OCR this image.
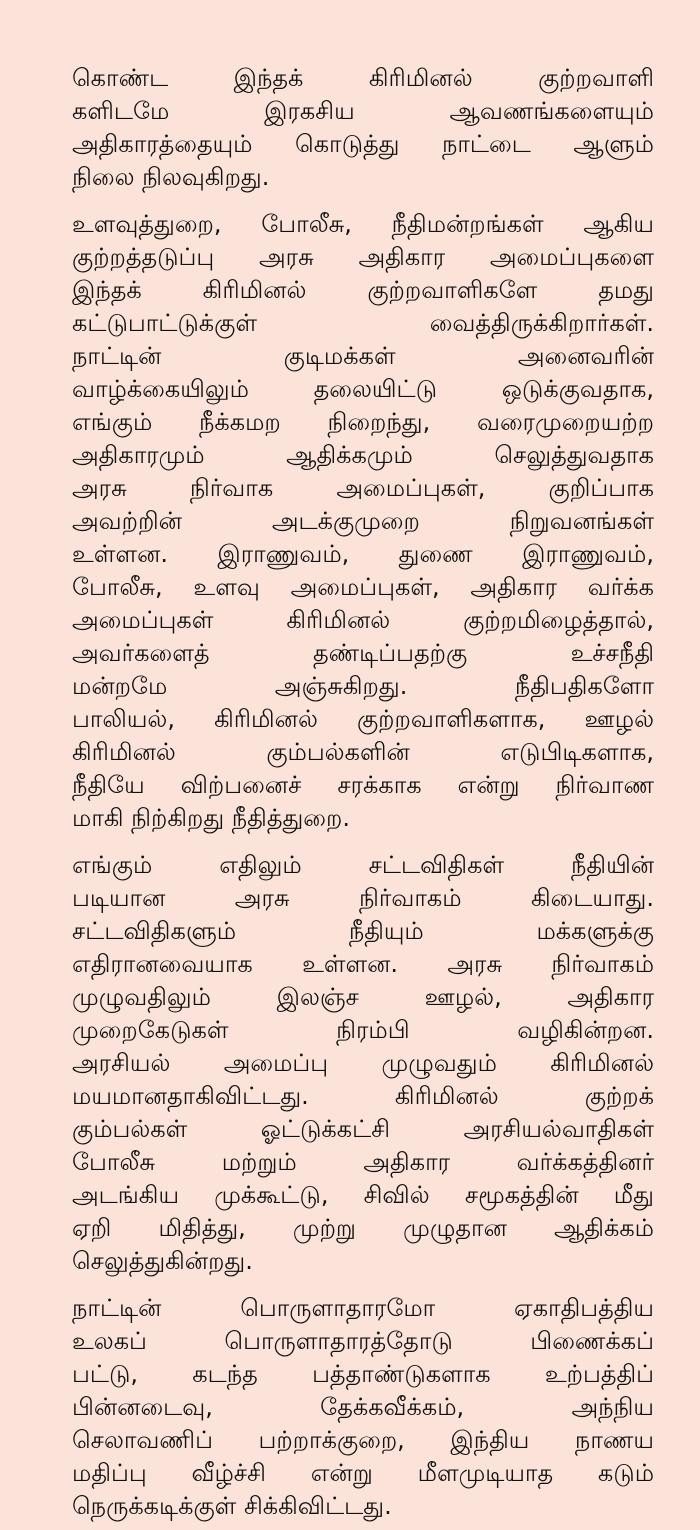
கொண்ட இந்தக் கிரிமினல் குற்றவாளி
களிடமே இரகசிய ஆவணங்களையும்
அதிகாரத்தையும் கொடுத்து நாட்டை ஆளும்
நிலை நிலவுகிறது.
உளவுத்துறை, போலீசு, நீதிமன்றங்கள் ஆகிய
குற்றத்தடுப்பு அரசு அதிகார அமைப்புகளை
இந்தக் கிரிமினல் குற்றவாளிகளே தமது
கட்டுபாட்டுக்குள் வைத்திருக்கிறார்கள்.
நாட்டின் குடிமக்கள் அனைவரின்
வாழ்க்கையிலும் தலையிட்டு ஒடுக்குவதாக,
எங்கும் நீக்கமற நிறைந்து, வரைமுறையற்ற
அதிகாரமும் ஆதிக்கமும் செலுத்துவதாக
அரசு நிர்வாக அமைப்புகள், குறிப்பாக
அவற்றின் அடக்குமுறை நிறுவனங்கள்
உள்ளன. இராணுவம், துணை இராணுவம்,
போலீசு, உளவு அமைப்புகள், அதிகார வர்க்க
அமைப்புகள் கிரிமினல் குற்றமிழைத்தால்,
அவர்களைத் தண்டிப்பதற்கு உச்சநீதி
மன்றமே அஞ்சுகிறது. நீதிபதிகளோ
பாலியல், கிரிமினல் குற்றவாளிகளாக, ஊழல்
கிரிமினல் கும்பல்களின் எடுபிடிகளாக,
நீதியே விற்பனைச் சரக்காக என்று நிர்வாண
மாகி நிற்கிறது நீதித்துறை.
எங்கும் எதிலும் சட்டவிதிகள் நீதியின்
படியான அரசு நிர்வாகம் கிடையாது.
சட்டவிதிகளும் நீதியும் மக்களுக்கு
எதிரானவையாக உள்ளன. அரசு நிர்வாகம்
முழுவதிலும் இலஞ்ச ஊழல், அதிகார
முறைகேடுகள் நிரம்பி வழிகின்றன.
அரசியல் அமைப்பு முழுவதும் கிரிமினல்
மயமானதாகிவிட்டது. கிரிமினல் குற்றக்
கும்பல்கள் ஓட்டுக்கட்சி அரசியல்வாதிகள்
போலீசு மற்றும் அதிகார வர்க்கத்தினர்
அடங்கிய முக்கூட்டு, சிவில் சமூகத்தின் மீது
ஏறி மிதித்து, முற்று முழுதான ஆதிக்கம்
செலுத்துகின்றது.
நாட்டின் பொருளாதாரமோ ஏகாதிபத்திய
உலகப் பொருளாதாரத்தோடு பிணைக்கப்
பட்டு, கடந்த பத்தாண்டுகளாக உற்பத்திப்
பின்னடைவு, தேக்கவீக்கம், அந்நிய
செலாவணிப் பற்றாக்குறை, இந்திய நாணய
மதிப்பு வீழ்ச்சி என்று மீளமுடியாத கடும்
நெருக்கடிக்குள் சிக்கிவிட்டது.
